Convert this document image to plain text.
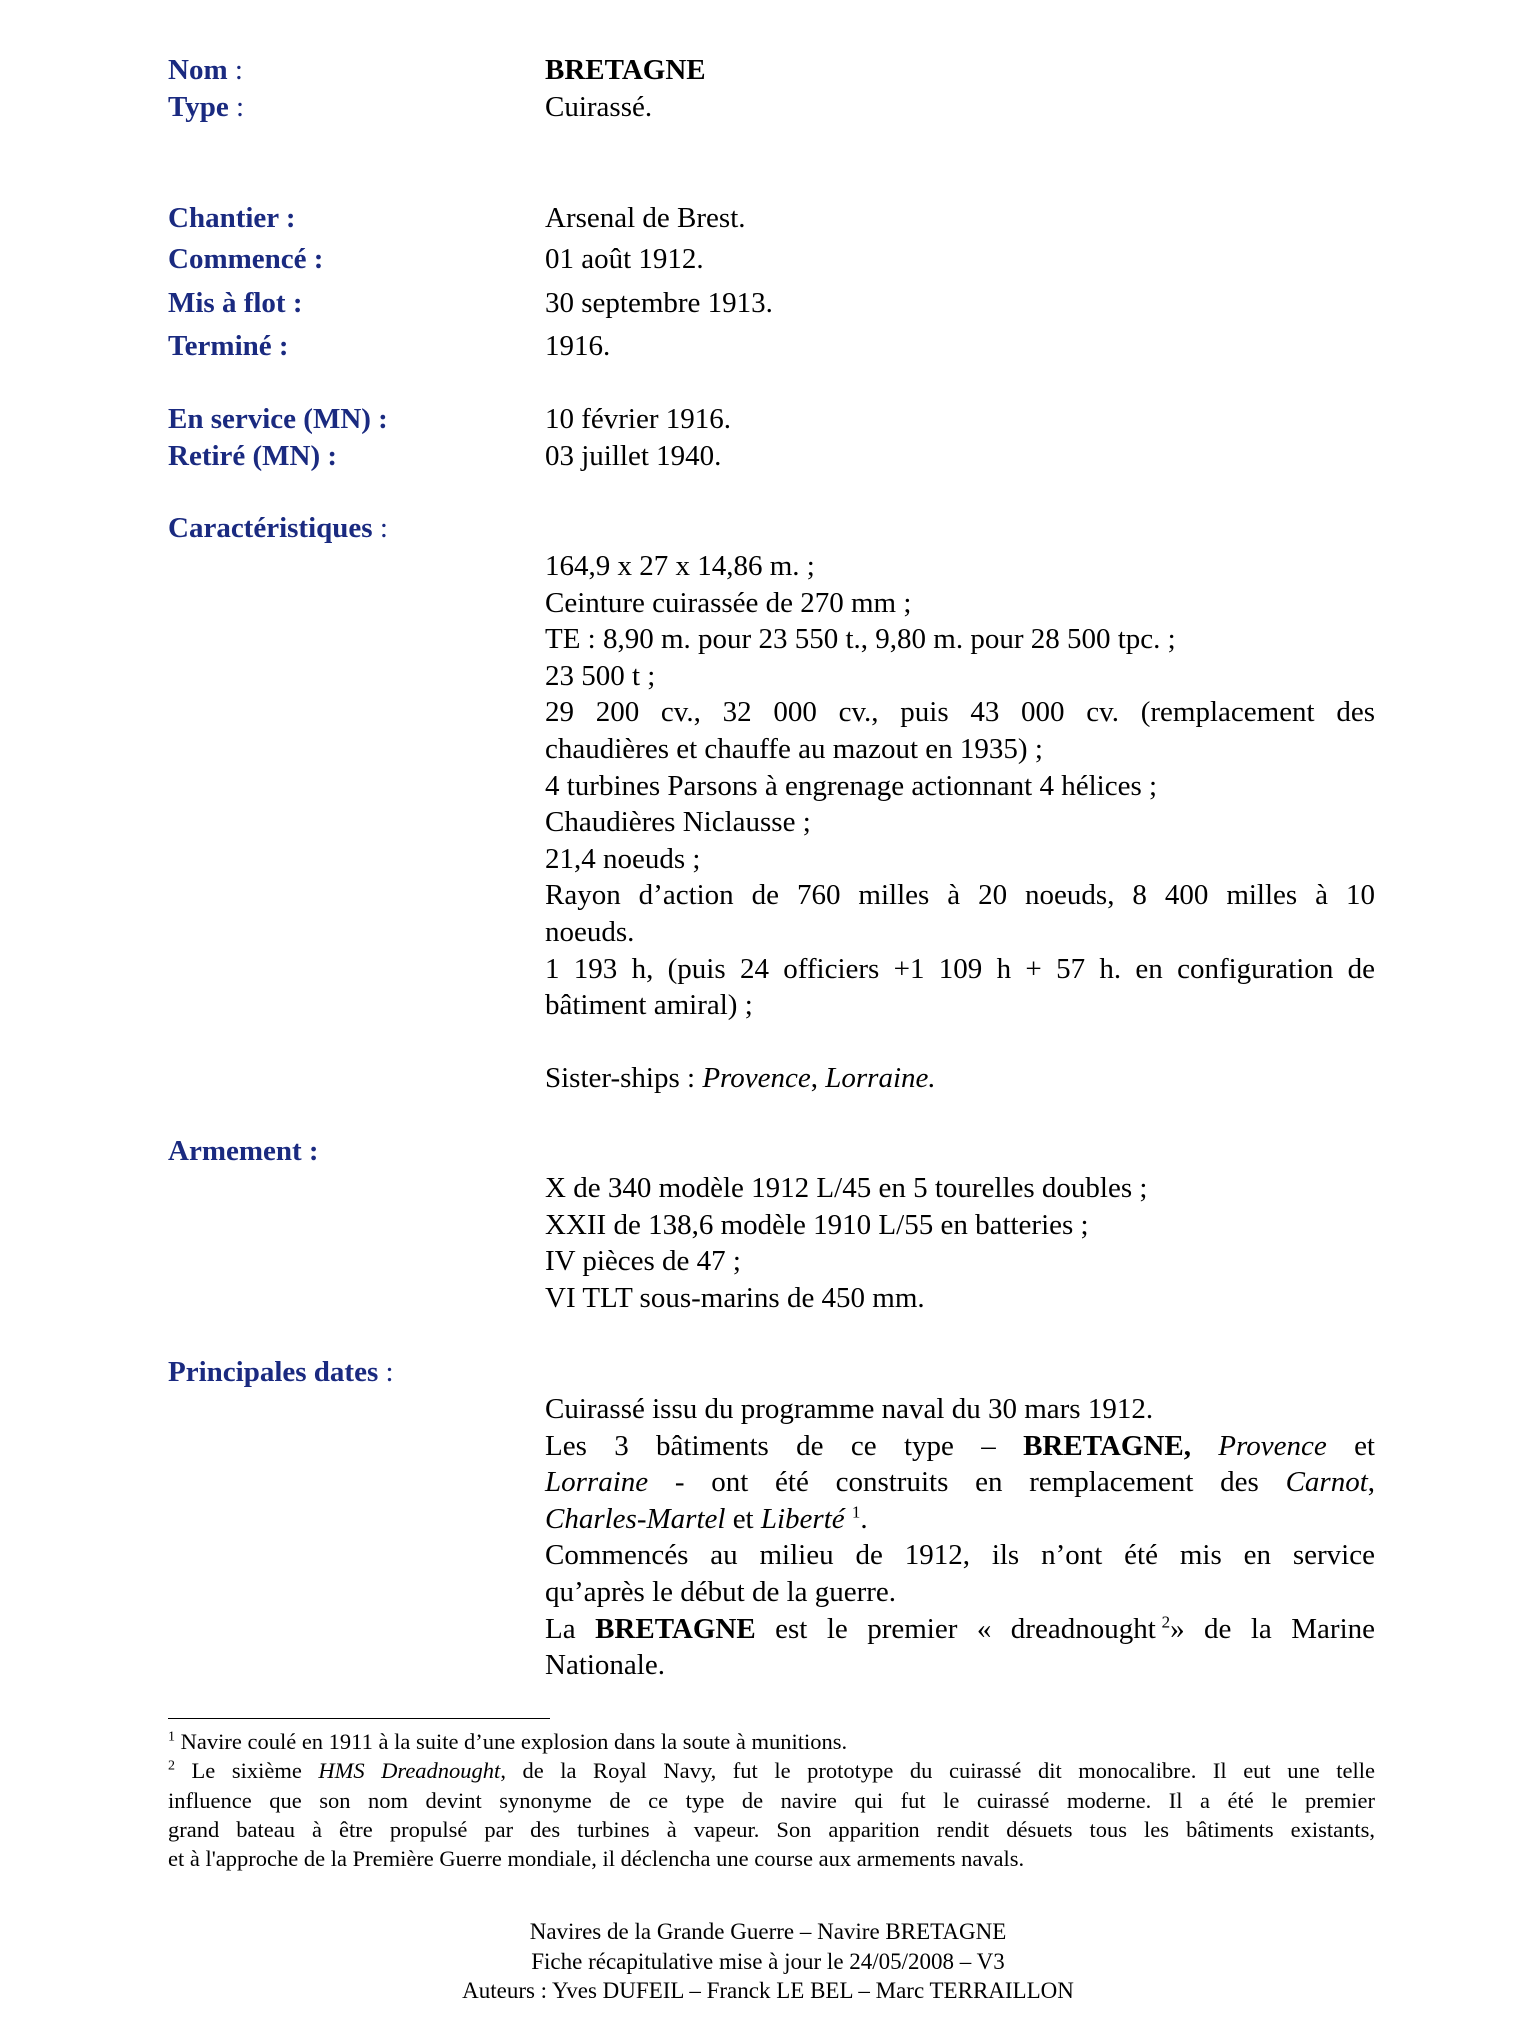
Nom :	BRETAGNE
Type :	Cuirassé.
Chantier :	Arsenal de Brest.
Commencé :	01 août 1912.
Mis à flot :	30 septembre 1913.
Terminé :	1916.
En service (MN) :	10 février 1916.
Retiré (MN) :	03 juillet 1940.
Caractéristiques :
164,9 x 27 x 14,86 m. ;
Ceinture cuirassée de 270 mm ;
TE : 8,90 m. pour 23 550 t., 9,80 m. pour 28 500 tpc. ;
23 500 t ;
29 200 cv., 32 000 cv., puis 43 000 cv. (remplacement des
chaudières et chauffe au mazout en 1935) ;
4 turbines Parsons à engrenage actionnant 4 hélices ;
Chaudières Niclausse ;
21,4 noeuds ;
Rayon d’action de 760 milles à 20 noeuds, 8 400 milles à 10
noeuds.
1 193 h, (puis 24 officiers +1 109 h + 57 h. en configuration de
bâtiment amiral) ;
Sister-ships : Provence, Lorraine.
Armement :
X de 340 modèle 1912 L/45 en 5 tourelles doubles ;
XXII de 138,6 modèle 1910 L/55 en batteries ;
IV pièces de 47 ;
VI TLT sous-marins de 450 mm.
Principales dates :
Cuirassé issu du programme naval du 30 mars 1912.
Les 3 bâtiments de ce type – BRETAGNE, Provence et
Lorraine - ont été construits en remplacement des Carnot,
Charles-Martel et Liberté $^1$.
Commencés au milieu de 1912, ils n’ont été mis en service
qu’après le début de la guerre.
La BRETAGNE est le premier « dreadnought  $^2$» de la Marine
Nationale.
$^1$ Navire coulé en 1911 à la suite d’une explosion dans la soute à munitions.
$^2$ Le sixième HMS Dreadnought, de la Royal Navy, fut le prototype du cuirassé dit monocalibre. Il eut une telle
influence que son nom devint synonyme de ce type de navire qui fut le cuirassé moderne. Il a été le premier
grand bateau à être propulsé par des turbines à vapeur. Son apparition rendit désuets tous les bâtiments existants,
et à l'approche de la Première Guerre mondiale, il déclencha une course aux armements navals.
Navires de la Grande Guerre – Navire BRETAGNE
Fiche récapitulative mise à jour le 24/05/2008 – V3
Auteurs : Yves DUFEIL – Franck LE BEL – Marc TERRAILLON
